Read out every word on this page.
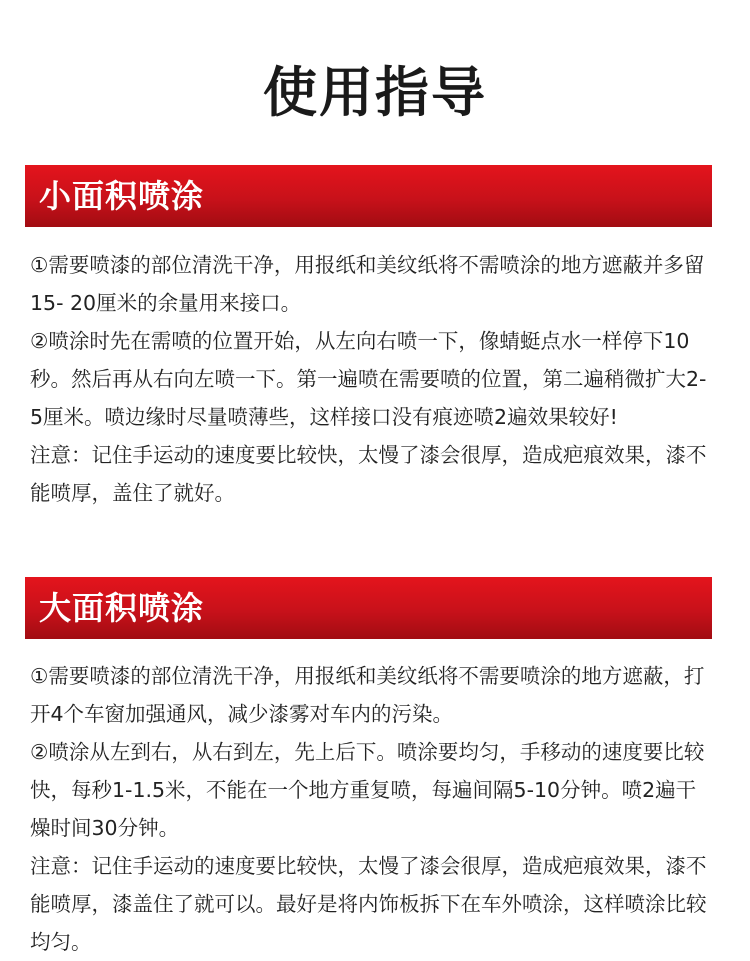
使用指导
小面积喷涂

①需要喷漆的部位清洗干净，用报纸和美纹纸将不需喷涂的地方遮蔽并多留15- 20厘米的余量用来接口。

②喷涂时先在需喷的位置开始，从左向右喷一下，像蜻蜓点水一样停下10秒。然后再从右向左喷一下。第一遍喷在需要喷的位置，第二遍稍微扩大2-5厘米。喷边缘时尽量喷薄些，这样接口没有痕迹喷2遍效果较好!

注意：记住手运动的速度要比较快，太慢了漆会很厚，造成疤痕效果，漆不能喷厚，盖住了就好。

大面积喷涂

①需要喷漆的部位清洗干净，用报纸和美纹纸将不需要喷涂的地方遮蔽，打开4个车窗加强通风，减少漆雾对车内的污染。

②喷涂从左到右，从右到左，先上后下。喷涂要均匀，手移动的速度要比较快，每秒1-1.5米，不能在一个地方重复喷，每遍间隔5-10分钟。喷2遍干燥时间30分钟。

注意：记住手运动的速度要比较快，太慢了漆会很厚，造成疤痕效果，漆不能喷厚，漆盖住了就可以。最好是将内饰板拆下在车外喷涂，这样喷涂比较均匀。
